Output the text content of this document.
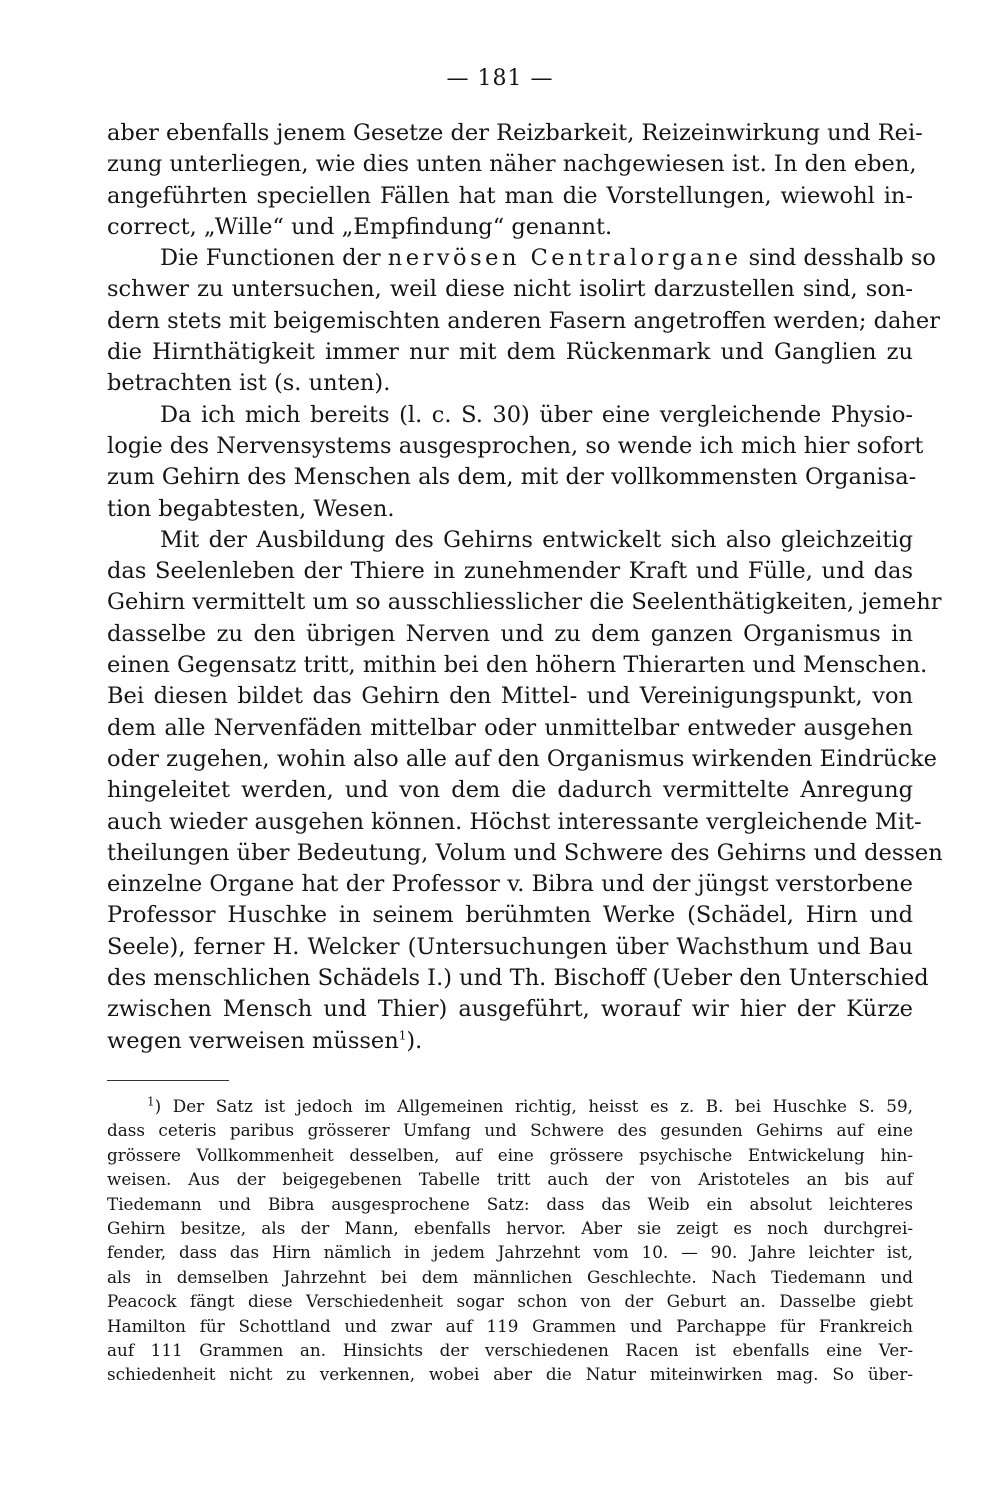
— 181 —
aber ebenfalls jenem Gesetze der Reizbarkeit, Reizeinwirkung und Rei-
zung unterliegen, wie dies unten näher nachgewiesen ist. In den eben,
angeführten speciellen Fällen hat man die Vorstellungen, wiewohl in-
correct, „Wille“ und „Empfindung“ genannt.
Die Functionen der nervösen Centralorgane sind desshalb so
schwer zu untersuchen, weil diese nicht isolirt darzustellen sind, son-
dern stets mit beigemischten anderen Fasern angetroffen werden; daher
die Hirnthätigkeit immer nur mit dem Rückenmark und Ganglien zu
betrachten ist (s. unten).
Da ich mich bereits (l. c. S. 30) über eine vergleichende Physio-
logie des Nervensystems ausgesprochen, so wende ich mich hier sofort
zum Gehirn des Menschen als dem, mit der vollkommensten Organisa-
tion begabtesten, Wesen.
Mit der Ausbildung des Gehirns entwickelt sich also gleichzeitig
das Seelenleben der Thiere in zunehmender Kraft und Fülle, und das
Gehirn vermittelt um so ausschliesslicher die Seelenthätigkeiten, jemehr
dasselbe zu den übrigen Nerven und zu dem ganzen Organismus in
einen Gegensatz tritt, mithin bei den höhern Thierarten und Menschen.
Bei diesen bildet das Gehirn den Mittel- und Vereinigungspunkt, von
dem alle Nervenfäden mittelbar oder unmittelbar entweder ausgehen
oder zugehen, wohin also alle auf den Organismus wirkenden Eindrücke
hingeleitet werden, und von dem die dadurch vermittelte Anregung
auch wieder ausgehen können. Höchst interessante vergleichende Mit-
theilungen über Bedeutung, Volum und Schwere des Gehirns und dessen
einzelne Organe hat der Professor v. Bibra und der jüngst verstorbene
Professor Huschke in seinem berühmten Werke (Schädel, Hirn und
Seele), ferner H. Welcker (Untersuchungen über Wachsthum und Bau
des menschlichen Schädels I.) und Th. Bischoff (Ueber den Unterschied
zwischen Mensch und Thier) ausgeführt, worauf wir hier der Kürze
wegen verweisen müssen$^1$).
$^1$) Der Satz ist jedoch im Allgemeinen richtig, heisst es z. B. bei Huschke S. 59,
dass ceteris paribus grösserer Umfang und Schwere des gesunden Gehirns auf eine
grössere Vollkommenheit desselben, auf eine grössere psychische Entwickelung hin-
weisen. Aus der beigegebenen Tabelle tritt auch der von Aristoteles an bis auf
Tiedemann und Bibra ausgesprochene Satz: dass das Weib ein absolut leichteres
Gehirn besitze, als der Mann, ebenfalls hervor. Aber sie zeigt es noch durchgrei-
fender, dass das Hirn nämlich in jedem Jahrzehnt vom 10. — 90. Jahre leichter ist,
als in demselben Jahrzehnt bei dem männlichen Geschlechte. Nach Tiedemann und
Peacock fängt diese Verschiedenheit sogar schon von der Geburt an. Dasselbe giebt
Hamilton für Schottland und zwar auf 119 Grammen und Parchappe für Frankreich
auf 111 Grammen an. Hinsichts der verschiedenen Racen ist ebenfalls eine Ver-
schiedenheit nicht zu verkennen, wobei aber die Natur miteinwirken mag. So über-
